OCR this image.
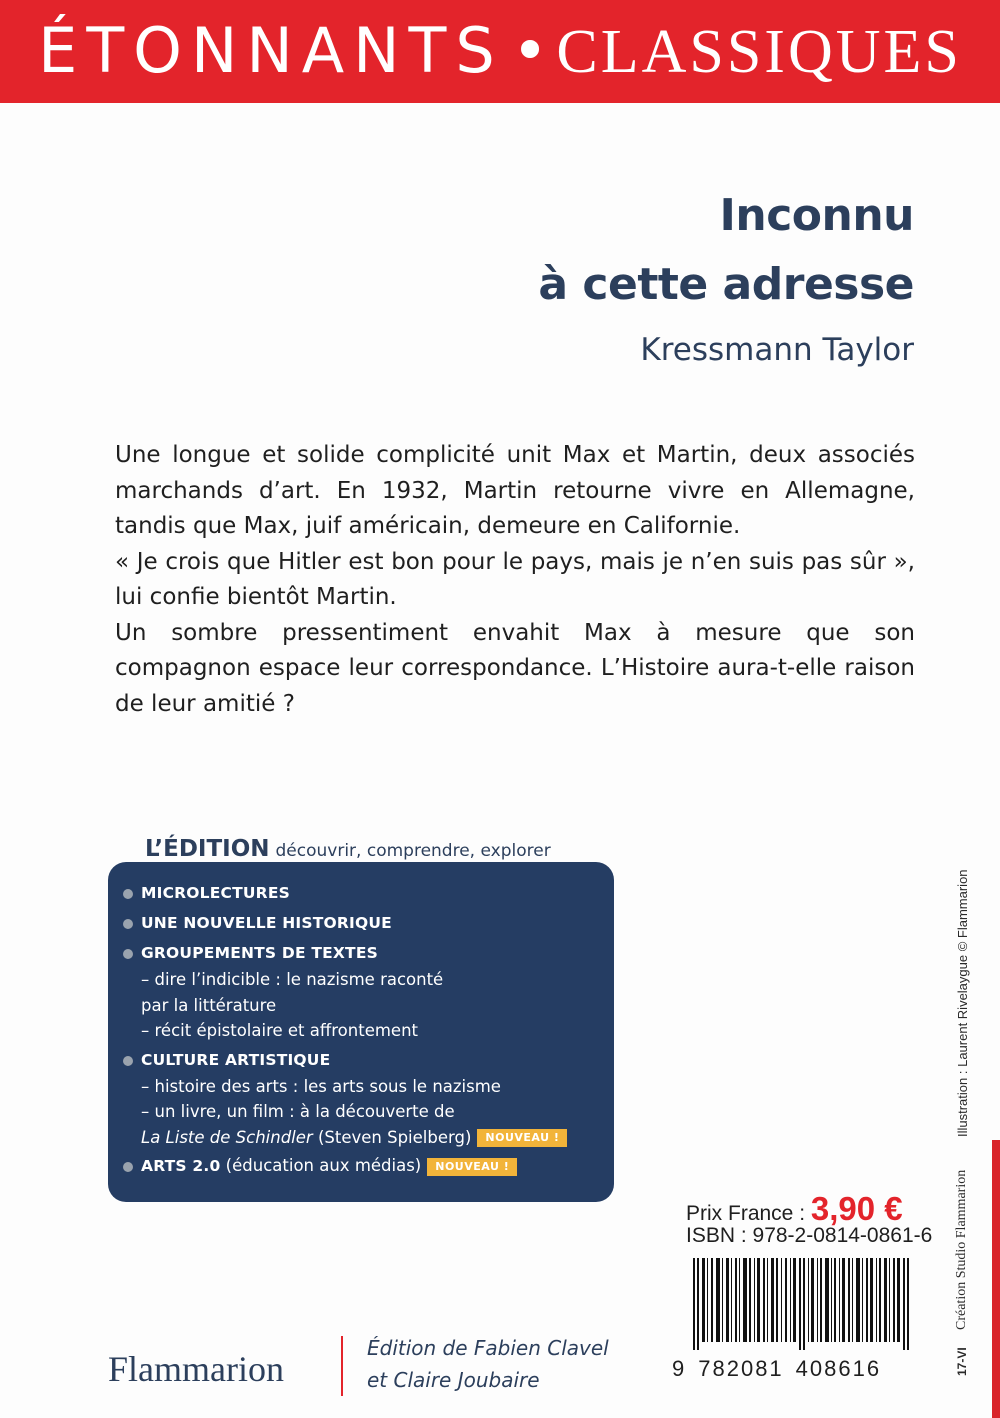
ÉTONNANTS • CLASSIQUES
Inconnu
à cette adresse
Kressmann Taylor

Une longue et solide complicité unit Max et Martin, deux associés marchands d’art. En 1932, Martin retourne vivre en Allemagne, tandis que Max, juif américain, demeure en Californie.

« Je crois que Hitler est bon pour le pays, mais je n’en suis pas sûr », lui confie bientôt Martin.

Un sombre pressentiment envahit Max à mesure que son compagnon espace leur correspondance. L’Histoire aura-t-elle raison de leur amitié ?

L’ÉDITION découvrir, comprendre, explorer
MICROLECTURES
UNE NOUVELLE HISTORIQUE
GROUPEMENTS DE TEXTES
– dire l’indicible : le nazisme raconté
par la littérature
– récit épistolaire et affrontement
CULTURE ARTISTIQUE
– histoire des arts : les arts sous le nazisme
– un livre, un film : à la découverte de
La Liste de Schindler (Steven Spielberg) NOUVEAU !
ARTS 2.0 (éducation aux médias) NOUVEAU !
Prix France : 3,90 €
ISBN : 978-2-0814-0861-6
9 782081 408616
Flammarion
Édition de Fabien Clavel
et Claire Joubaire
Illustration : Laurent Rivelaygue © Flammarion
Création Studio Flammarion
17-VI
